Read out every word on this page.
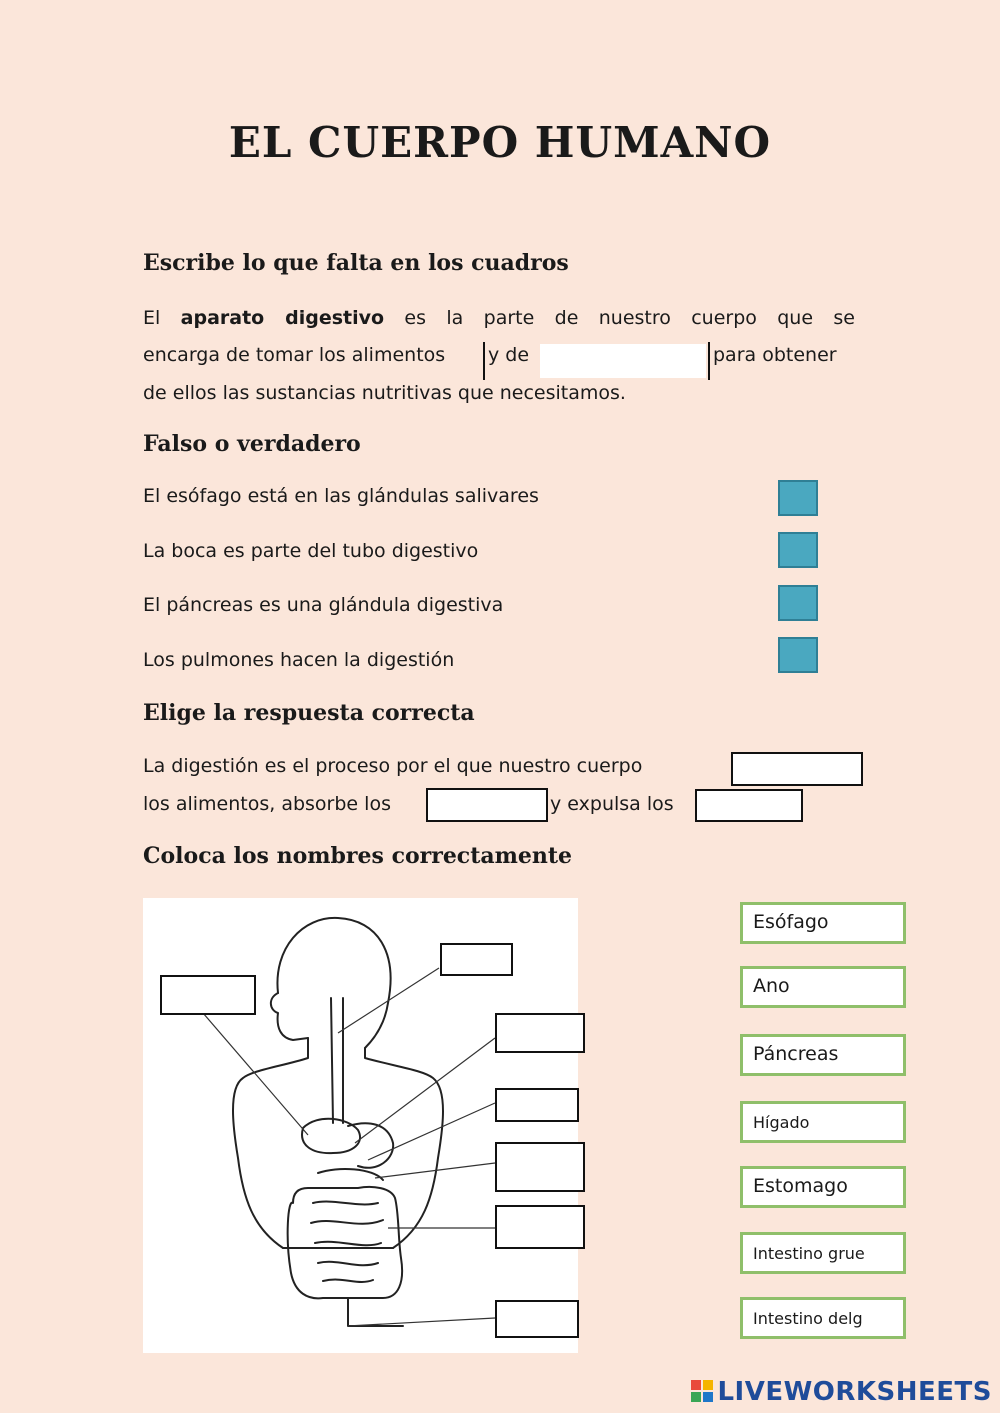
EL CUERPO HUMANO
Escribe lo que falta en los cuadros
El aparato digestivo es la parte de nuestro cuerpo que se
encarga de tomar los alimentos y de	para obtener
de ellos las sustancias nutritivas que necesitamos.
Falso o verdadero
El esófago está en las glándulas salivares
La boca es parte del tubo digestivo
El páncreas es una glándula digestiva
Los pulmones hacen la digestión
Elige la respuesta correcta
La digestión es el proceso por el que nuestro cuerpo
los alimentos, absorbe los	y expulsa los
Coloca los nombres correctamente
Esófago
Ano
Páncreas
Hígado
Estomago
Intestino grue
Intestino delg
LIVEWORKSHEETS
